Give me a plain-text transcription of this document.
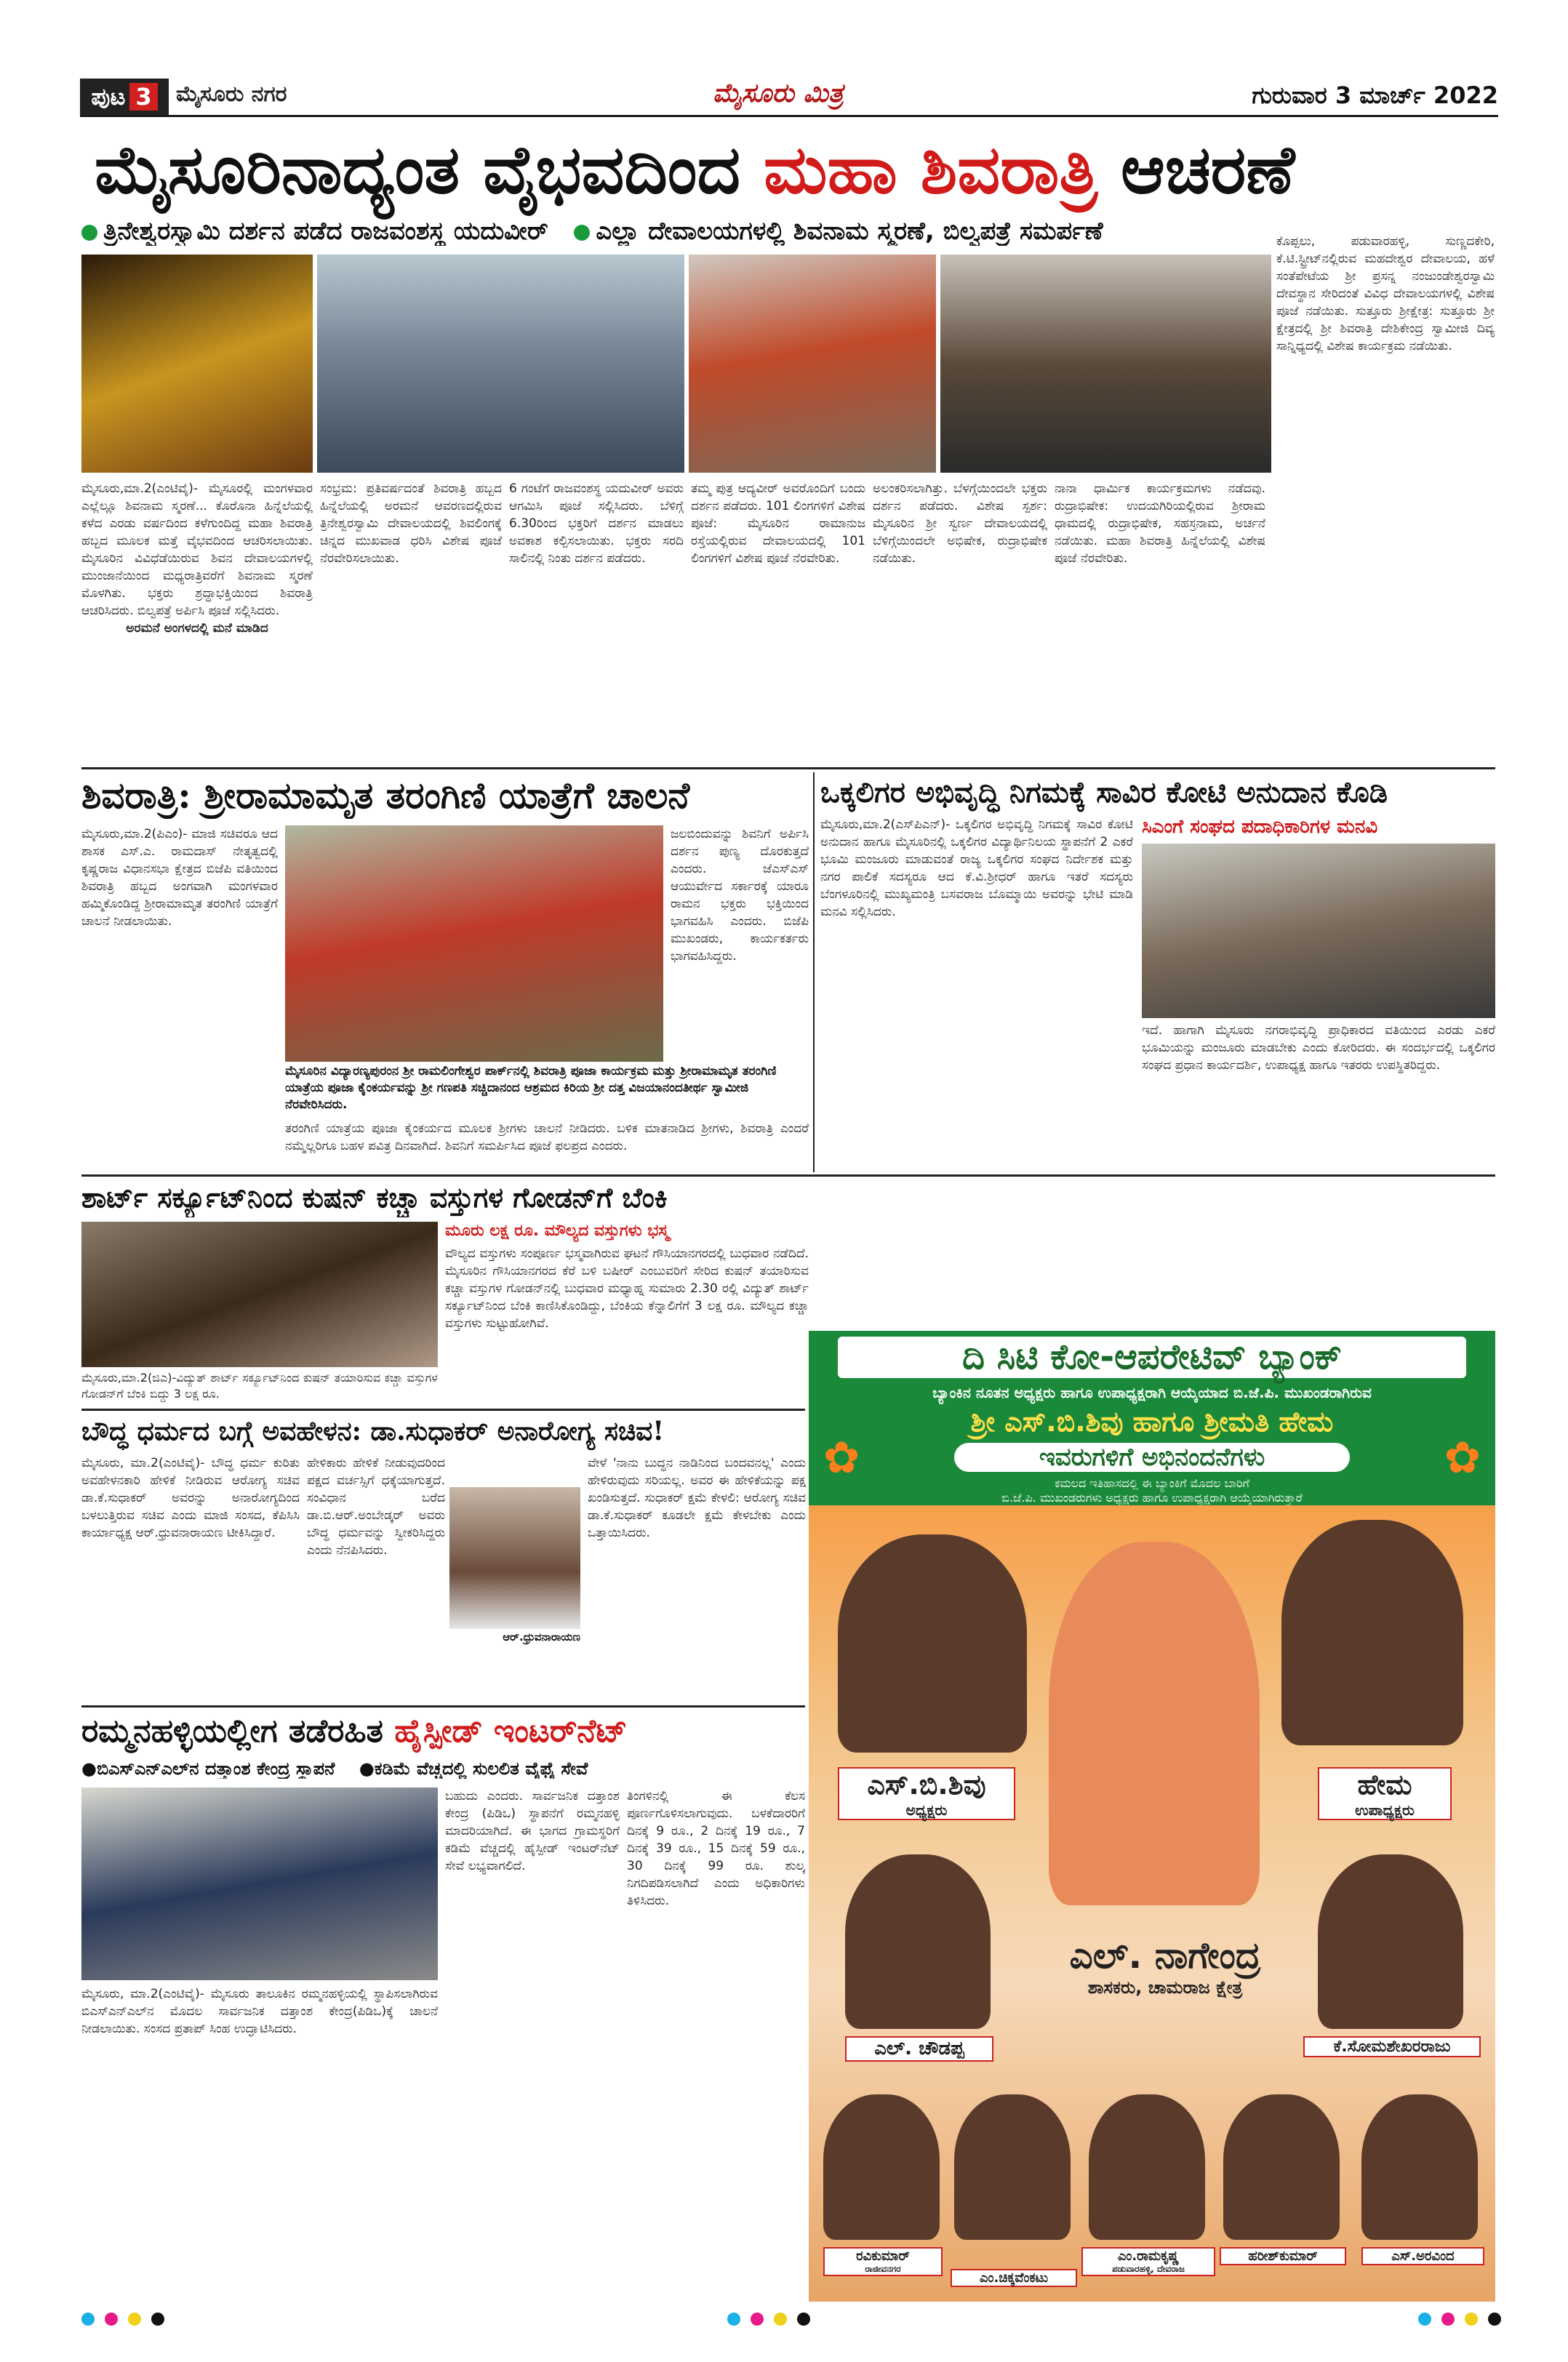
ಪುಟ 3	ಮೈಸೂರು ನಗರ	ಮೈಸೂರು ಮಿತ್ರ	ಗುರುವಾರ 3 ಮಾರ್ಚ್ 2022
ಮೈಸೂರಿನಾದ್ಯಂತ ವೈಭವದಿಂದ ಮಹಾ ಶಿವರಾತ್ರಿ ಆಚರಣೆ
ತ್ರಿನೇಶ್ವರಸ್ವಾಮಿ ದರ್ಶನ ಪಡೆದ ರಾಜವಂಶಸ್ಥ ಯದುವೀರ್ ಎಲ್ಲಾ ದೇವಾಲಯಗಳಲ್ಲಿ ಶಿವನಾಮ ಸ್ಮರಣೆ, ಬಿಲ್ವಪತ್ರೆ ಸಮರ್ಪಣೆ
ಮೈಸೂರು,ಮಾ.2(ಎಂಟಿವೈ)- ಮೈಸೂರಲ್ಲಿ ಮಂಗಳವಾರ ಎಲ್ಲೆಲ್ಲೂ ಶಿವನಾಮ ಸ್ಮರಣೆ... ಕೊರೊನಾ ಹಿನ್ನೆಲೆಯಲ್ಲಿ ಕಳೆದ ಎರಡು ವರ್ಷದಿಂದ ಕಳೆಗುಂದಿದ್ದ ಮಹಾ ಶಿವರಾತ್ರಿ ಹಬ್ಬದ ಮೂಲಕ ಮತ್ತೆ ವೈಭವದಿಂದ ಆಚರಿಸಲಾಯಿತು. ಮೈಸೂರಿನ ವಿವಿಧೆಡೆಯಿರುವ ಶಿವನ ದೇವಾಲಯಗಳಲ್ಲಿ ಮುಂಜಾನೆಯಿಂದ ಮಧ್ಯರಾತ್ರಿವರೆಗೆ ಶಿವನಾಮ ಸ್ಮರಣೆ ಮೊಳಗಿತು. ಭಕ್ತರು ಶ್ರದ್ಧಾಭಕ್ತಿಯಿಂದ ಶಿವರಾತ್ರಿ ಆಚರಿಸಿದರು. ಬಿಲ್ವಪತ್ರೆ ಅರ್ಪಿಸಿ ಪೂಜೆ ಸಲ್ಲಿಸಿದರು.
ಅರಮನೆ ಅಂಗಳದಲ್ಲಿ ಮನೆ ಮಾಡಿದ
ಸಂಭ್ರಮ: ಪ್ರತಿವರ್ಷದಂತೆ ಶಿವರಾತ್ರಿ ಹಬ್ಬದ ಹಿನ್ನೆಲೆಯಲ್ಲಿ ಅರಮನೆ ಆವರಣದಲ್ಲಿರುವ ತ್ರಿನೇಶ್ವರಸ್ವಾಮಿ ದೇವಾಲಯದಲ್ಲಿ ಶಿವಲಿಂಗಕ್ಕೆ ಚಿನ್ನದ ಮುಖವಾಡ ಧರಿಸಿ ವಿಶೇಷ ಪೂಜೆ ನೆರವೇರಿಸಲಾಯಿತು.
6 ಗಂಟೆಗೆ ರಾಜವಂಶಸ್ಥ ಯದುವೀರ್ ಅವರು ಆಗಮಿಸಿ ಪೂಜೆ ಸಲ್ಲಿಸಿದರು. ಬೆಳಿಗ್ಗೆ 6.30ರಿಂದ ಭಕ್ತರಿಗೆ ದರ್ಶನ ಮಾಡಲು ಅವಕಾಶ ಕಲ್ಪಿಸಲಾಯಿತು. ಭಕ್ತರು ಸರದಿ ಸಾಲಿನಲ್ಲಿ ನಿಂತು ದರ್ಶನ ಪಡೆದರು.
ತಮ್ಮ ಪುತ್ರ ಆದ್ಯವೀರ್ ಅವರೊಂದಿಗೆ ಬಂದು ದರ್ಶನ ಪಡೆದರು. 101 ಲಿಂಗಗಳಿಗೆ ವಿಶೇಷ ಪೂಜೆ: ಮೈಸೂರಿನ ರಾಮಾನುಜ ರಸ್ತೆಯಲ್ಲಿರುವ ದೇವಾಲಯದಲ್ಲಿ 101 ಲಿಂಗಗಳಿಗೆ ವಿಶೇಷ ಪೂಜೆ ನೆರವೇರಿತು.
ಅಲಂಕರಿಸಲಾಗಿತ್ತು. ಬೆಳಗ್ಗೆಯಿಂದಲೇ ಭಕ್ತರು ದರ್ಶನ ಪಡೆದರು. ವಿಶೇಷ ಸ್ಪರ್ಶ: ಮೈಸೂರಿನ ಶ್ರೀ ಸ್ವರ್ಣ ದೇವಾಲಯದಲ್ಲಿ ಬೆಳಿಗ್ಗೆಯಿಂದಲೇ ಅಭಿಷೇಕ, ರುದ್ರಾಭಿಷೇಕ ನಡೆಯಿತು.
ನಾನಾ ಧಾರ್ಮಿಕ ಕಾರ್ಯಕ್ರಮಗಳು ನಡೆದವು. ರುದ್ರಾಭಿಷೇಕ: ಉದಯಗಿರಿಯಲ್ಲಿರುವ ಶ್ರೀರಾಮ ಧಾಮದಲ್ಲಿ ರುದ್ರಾಭಿಷೇಕ, ಸಹಸ್ರನಾಮ, ಅರ್ಚನೆ ನಡೆಯಿತು. ಮಹಾ ಶಿವರಾತ್ರಿ ಹಿನ್ನೆಲೆಯಲ್ಲಿ ವಿಶೇಷ ಪೂಜೆ ನೆರವೇರಿತು.
ಕೊಪ್ಪಲು, ಪಡುವಾರಹಳ್ಳಿ, ಸುಣ್ಣದಕೇರಿ, ಕೆ.ಟಿ.ಸ್ಟ್ರೀಟ್‌ನಲ್ಲಿರುವ ಮಹದೇಶ್ವರ ದೇವಾಲಯ, ಹಳೆ ಸಂತೆಪೇಟೆಯ ಶ್ರೀ ಪ್ರಸನ್ನ ನಂಜುಂಡೇಶ್ವರಸ್ವಾಮಿ ದೇವಸ್ಥಾನ ಸೇರಿದಂತೆ ವಿವಿಧ ದೇವಾಲಯಗಳಲ್ಲಿ ವಿಶೇಷ ಪೂಜೆ ನಡೆಯಿತು. ಸುತ್ತೂರು ಶ್ರೀಕ್ಷೇತ್ರ: ಸುತ್ತೂರು ಶ್ರೀ ಕ್ಷೇತ್ರದಲ್ಲಿ ಶ್ರೀ ಶಿವರಾತ್ರಿ ದೇಶಿಕೇಂದ್ರ ಸ್ವಾಮೀಜಿ ದಿವ್ಯ ಸಾನ್ನಿಧ್ಯದಲ್ಲಿ ವಿಶೇಷ ಕಾರ್ಯಕ್ರಮ ನಡೆಯಿತು.
ಶಿವರಾತ್ರಿ: ಶ್ರೀರಾಮಾಮೃತ ತರಂಗಿಣಿ ಯಾತ್ರೆಗೆ ಚಾಲನೆ
ಮೈಸೂರು,ಮಾ.2(ಪಿಎಂ)- ಮಾಜಿ ಸಚಿವರೂ ಆದ ಶಾಸಕ ಎಸ್.ಎ. ರಾಮದಾಸ್ ನೇತೃತ್ವದಲ್ಲಿ ಕೃಷ್ಣರಾಜ ವಿಧಾನಸಭಾ ಕ್ಷೇತ್ರದ ಬಿಜೆಪಿ ವತಿಯಿಂದ ಶಿವರಾತ್ರಿ ಹಬ್ಬದ ಅಂಗವಾಗಿ ಮಂಗಳವಾರ ಹಮ್ಮಿಕೊಂಡಿದ್ದ ಶ್ರೀರಾಮಾಮೃತ ತರಂಗಿಣಿ ಯಾತ್ರೆಗೆ ಚಾಲನೆ ನೀಡಲಾಯಿತು.
ಜಲಬಿಂದುವನ್ನು ಶಿವನಿಗೆ ಅರ್ಪಿಸಿ ದರ್ಶನ ಪುಣ್ಯ ದೊರಕುತ್ತದೆ ಎಂದರು. ಜೆಎಸ್‌ಎಸ್ ಆಯುರ್ವೇದ ಸರ್ಕಾರಕ್ಕೆ ಯಾರೂ ರಾಮನ ಭಕ್ತರು ಭಕ್ತಿಯಿಂದ ಭಾಗವಹಿಸಿ ಎಂದರು. ಬಿಜೆಪಿ ಮುಖಂಡರು, ಕಾರ್ಯಕರ್ತರು ಭಾಗವಹಿಸಿದ್ದರು.
ಮೈಸೂರಿನ ವಿದ್ಯಾರಣ್ಯಪುರಂನ ಶ್ರೀ ರಾಮಲಿಂಗೇಶ್ವರ ಪಾರ್ಕ್‌ನಲ್ಲಿ ಶಿವರಾತ್ರಿ ಪೂಜಾ ಕಾರ್ಯಕ್ರಮ ಮತ್ತು ಶ್ರೀರಾಮಾಮೃತ ತರಂಗಿಣಿ ಯಾತ್ರೆಯ ಪೂಜಾ ಕೈಂಕರ್ಯವನ್ನು ಶ್ರೀ ಗಣಪತಿ ಸಚ್ಚಿದಾನಂದ ಆಶ್ರಮದ ಕಿರಿಯ ಶ್ರೀ ದತ್ತ ವಿಜಯಾನಂದತೀರ್ಥ ಸ್ವಾಮೀಜಿ ನೆರವೇರಿಸಿದರು.
ತರಂಗಿಣಿ ಯಾತ್ರೆಯ ಪೂಜಾ ಕೈಂಕರ್ಯದ ಮೂಲಕ ಶ್ರೀಗಳು ಚಾಲನೆ ನೀಡಿದರು. ಬಳಿಕ ಮಾತನಾಡಿದ ಶ್ರೀಗಳು, ಶಿವರಾತ್ರಿ ಎಂದರೆ ನಮ್ಮೆಲ್ಲರಿಗೂ ಬಹಳ ಪವಿತ್ರ ದಿನವಾಗಿದೆ. ಶಿವನಿಗೆ ಸಮರ್ಪಿಸಿದ ಪೂಜೆ ಫಲಪ್ರದ ಎಂದರು.
ಒಕ್ಕಲಿಗರ ಅಭಿವೃದ್ಧಿ ನಿಗಮಕ್ಕೆ ಸಾವಿರ ಕೋಟಿ ಅನುದಾನ ಕೊಡಿ
ಮೈಸೂರು,ಮಾ.2(ಎಸ್‌ಪಿಎನ್)- ಒಕ್ಕಲಿಗರ ಅಭಿವೃದ್ಧಿ ನಿಗಮಕ್ಕೆ ಸಾವಿರ ಕೋಟಿ ಅನುದಾನ ಹಾಗೂ ಮೈಸೂರಿನಲ್ಲಿ ಒಕ್ಕಲಿಗರ ವಿದ್ಯಾರ್ಥಿನಿಲಯ ಸ್ಥಾಪನೆಗೆ 2 ಎಕರೆ ಭೂಮಿ ಮಂಜೂರು ಮಾಡುವಂತೆ ರಾಜ್ಯ ಒಕ್ಕಲಿಗರ ಸಂಘದ ನಿರ್ದೇಶಕ ಮತ್ತು ನಗರ ಪಾಲಿಕೆ ಸದಸ್ಯರೂ ಆದ ಕೆ.ವಿ.ಶ್ರೀಧರ್ ಹಾಗೂ ಇತರೆ ಸದಸ್ಯರು ಬೆಂಗಳೂರಿನಲ್ಲಿ ಮುಖ್ಯಮಂತ್ರಿ ಬಸವರಾಜ ಬೊಮ್ಮಾಯಿ ಅವರನ್ನು ಭೇಟಿ ಮಾಡಿ ಮನವಿ ಸಲ್ಲಿಸಿದರು.
ಸಿಎಂಗೆ ಸಂಘದ ಪದಾಧಿಕಾರಿಗಳ ಮನವಿ
ಇದೆ. ಹಾಗಾಗಿ ಮೈಸೂರು ನಗರಾಭಿವೃದ್ಧಿ ಪ್ರಾಧಿಕಾರದ ವತಿಯಿಂದ ಎರಡು ಎಕರೆ ಭೂಮಿಯನ್ನು ಮಂಜೂರು ಮಾಡಬೇಕು ಎಂದು ಕೋರಿದರು. ಈ ಸಂದರ್ಭದಲ್ಲಿ ಒಕ್ಕಲಿಗರ ಸಂಘದ ಪ್ರಧಾನ ಕಾರ್ಯದರ್ಶಿ, ಉಪಾಧ್ಯಕ್ಷ ಹಾಗೂ ಇತರರು ಉಪಸ್ಥಿತರಿದ್ದರು.
ಶಾರ್ಟ್ ಸರ್ಕ್ಯೂಟ್‌ನಿಂದ ಕುಷನ್ ಕಚ್ಚಾ ವಸ್ತುಗಳ ಗೋಡನ್‌ಗೆ ಬೆಂಕಿ
ಮೂರು ಲಕ್ಷ ರೂ. ಮೌಲ್ಯದ ವಸ್ತುಗಳು ಭಸ್ಮ
ವೌಲ್ಯದ ವಸ್ತುಗಳು ಸಂಪೂರ್ಣ ಭಸ್ಮವಾಗಿರುವ ಘಟನೆ ಗೌಸಿಯಾನಗರದಲ್ಲಿ ಬುಧವಾರ ನಡೆದಿದೆ. ಮೈಸೂರಿನ ಗೌಸಿಯಾನಗರದ ಕೆರೆ ಬಳಿ ಬಷೀರ್ ಎಂಬುವರಿಗೆ ಸೇರಿದ ಕುಷನ್ ತಯಾರಿಸುವ ಕಚ್ಚಾ ವಸ್ತುಗಳ ಗೋಡನ್‌ನಲ್ಲಿ ಬುಧವಾರ ಮಧ್ಯಾಹ್ನ ಸುಮಾರು 2.30 ರಲ್ಲಿ ವಿದ್ಯುತ್ ಶಾರ್ಟ್ ಸರ್ಕ್ಯೂಟ್‌ನಿಂದ ಬೆಂಕಿ ಕಾಣಿಸಿಕೊಂಡಿದ್ದು, ಬೆಂಕಿಯ ಕೆನ್ನಾಲಿಗೆಗೆ 3 ಲಕ್ಷ ರೂ. ಮೌಲ್ಯದ ಕಚ್ಚಾ ವಸ್ತುಗಳು ಸುಟ್ಟುಹೋಗಿವೆ.
ಮೈಸೂರು,ಮಾ.2(ಜಿಎ)-ವಿದ್ಯುತ್ ಶಾರ್ಟ್ ಸರ್ಕ್ಯೂಟ್‌ನಿಂದ ಕುಷನ್ ತಯಾರಿಸುವ ಕಚ್ಚಾ ವಸ್ತುಗಳ ಗೋಡನ್‌ಗೆ ಬೆಂಕಿ ಬಿದ್ದು 3 ಲಕ್ಷ ರೂ.
ಬೌದ್ಧ ಧರ್ಮದ ಬಗ್ಗೆ ಅವಹೇಳನ: ಡಾ.ಸುಧಾಕರ್ ಅನಾರೋಗ್ಯ ಸಚಿವ!
ಮೈಸೂರು, ಮಾ.2(ಎಂಟಿವೈ)- ಬೌದ್ಧ ಧರ್ಮ ಕುರಿತು ಅವಹೇಳನಕಾರಿ ಹೇಳಿಕೆ ನೀಡಿರುವ ಆರೋಗ್ಯ ಸಚಿವ ಡಾ.ಕೆ.ಸುಧಾಕರ್ ಅವರನ್ನು ಅನಾರೋಗ್ಯದಿಂದ ಬಳಲುತ್ತಿರುವ ಸಚಿವ ಎಂದು ಮಾಜಿ ಸಂಸದ, ಕೆಪಿಸಿಸಿ ಕಾರ್ಯಾಧ್ಯಕ್ಷ ಆರ್.ಧ್ರುವನಾರಾಯಣ ಟೀಕಿಸಿದ್ದಾರೆ.
ಹೇಳಿಕಾರು ಹೇಳಿಕೆ ನೀಡುವುದರಿಂದ ಪಕ್ಷದ ವರ್ಚಸ್ಸಿಗೆ ಧಕ್ಕೆಯಾಗುತ್ತದೆ. ಸಂವಿಧಾನ ಬರೆದ ಡಾ.ಬಿ.ಆರ್.ಅಂಬೇಡ್ಕರ್ ಅವರು ಬೌದ್ಧ ಧರ್ಮವನ್ನು ಸ್ವೀಕರಿಸಿದ್ದರು ಎಂದು ನೆನಪಿಸಿದರು.
ಆರ್.ಧ್ರುವನಾರಾಯಣ
ವೇಳೆ 'ನಾನು ಬುದ್ಧನ ನಾಡಿನಿಂದ ಬಂದವನಲ್ಲ' ಎಂದು ಹೇಳಿರುವುದು ಸರಿಯಲ್ಲ. ಅವರ ಈ ಹೇಳಿಕೆಯನ್ನು ಪಕ್ಷ ಖಂಡಿಸುತ್ತದೆ. ಸುಧಾಕರ್ ಕ್ಷಮೆ ಕೇಳಲಿ: ಆರೋಗ್ಯ ಸಚಿವ ಡಾ.ಕೆ.ಸುಧಾಕರ್ ಕೂಡಲೇ ಕ್ಷಮೆ ಕೇಳಬೇಕು ಎಂದು ಒತ್ತಾಯಿಸಿದರು.
ರಮ್ಮನಹಳ್ಳಿಯಲ್ಲೀಗ ತಡೆರಹಿತ ಹೈಸ್ಪೀಡ್ ಇಂಟರ್‌ನೆಟ್
●ಬಿಎಸ್‌ಎನ್‌ಎಲ್‌ನ ದತ್ತಾಂಶ ಕೇಂದ್ರ ಸ್ಥಾಪನೆ ●ಕಡಿಮೆ ವೆಚ್ಚದಲ್ಲಿ ಸುಲಲಿತ ವೈಫೈ ಸೇವೆ
ಮೈಸೂರು, ಮಾ.2(ಎಂಟಿವೈ)- ಮೈಸೂರು ತಾಲೂಕಿನ ರಮ್ಮನಹಳ್ಳಿಯಲ್ಲಿ ಸ್ಥಾಪಿಸಲಾಗಿರುವ ಬಿಎಸ್‌ಎನ್‌ಎಲ್‌ನ ಮೊದಲ ಸಾರ್ವಜನಿಕ ದತ್ತಾಂಶ ಕೇಂದ್ರ(ಪಿಡಿಒ)ಕ್ಕೆ ಚಾಲನೆ ನೀಡಲಾಯಿತು. ಸಂಸದ ಪ್ರತಾಪ್ ಸಿಂಹ ಉದ್ಘಾಟಿಸಿದರು.
ಬಹುದು ಎಂದರು. ಸಾರ್ವಜನಿಕ ದತ್ತಾಂಶ ಕೇಂದ್ರ (ಪಿಡಿಒ) ಸ್ಥಾಪನೆಗೆ ರಮ್ಮನಹಳ್ಳಿ ಮಾದರಿಯಾಗಿದೆ. ಈ ಭಾಗದ ಗ್ರಾಮಸ್ಥರಿಗೆ ಕಡಿಮೆ ವೆಚ್ಚದಲ್ಲಿ ಹೈಸ್ಪೀಡ್ ಇಂಟರ್‌ನೆಟ್ ಸೇವೆ ಲಭ್ಯವಾಗಲಿದೆ.
ತಿಂಗಳಿನಲ್ಲಿ ಈ ಕೆಲಸ ಪೂರ್ಣಗೊಳಿಸಲಾಗುವುದು. ಬಳಕೆದಾರರಿಗೆ ದಿನಕ್ಕೆ 9 ರೂ., 2 ದಿನಕ್ಕೆ 19 ರೂ., 7 ದಿನಕ್ಕೆ 39 ರೂ., 15 ದಿನಕ್ಕೆ 59 ರೂ., 30 ದಿನಕ್ಕೆ 99 ರೂ. ಶುಲ್ಕ ನಿಗದಿಪಡಿಸಲಾಗಿದೆ ಎಂದು ಅಧಿಕಾರಿಗಳು ತಿಳಿಸಿದರು.
ದಿ ಸಿಟಿ ಕೋ-ಆಪರೇಟಿವ್ ಬ್ಯಾಂಕ್
ಬ್ಯಾಂಕಿನ ನೂತನ ಅಧ್ಯಕ್ಷರು ಹಾಗೂ ಉಪಾಧ್ಯಕ್ಷರಾಗಿ ಆಯ್ಕೆಯಾದ ಬಿ.ಜೆ.ಪಿ. ಮುಖಂಡರಾಗಿರುವ
ಶ್ರೀ ಎಸ್.ಬಿ.ಶಿವು ಹಾಗೂ ಶ್ರೀಮತಿ ಹೇಮ
ಇವರುಗಳಿಗೆ ಅಭಿನಂದನೆಗಳು
ಕಮಲದ ಇತಿಹಾಸದಲ್ಲಿ ಈ ಬ್ಯಾಂಕಿಗೆ ಮೊದಲ ಬಾರಿಗೆ
ಬಿ.ಜೆ.ಪಿ. ಮುಖಂಡರುಗಳು ಅಧ್ಯಕ್ಷರು ಹಾಗೂ ಉಪಾಧ್ಯಕ್ಷರಾಗಿ ಆಯ್ಕೆಯಾಗಿರುತ್ತಾರೆ
✿	✿
ಎಸ್.ಬಿ.ಶಿವು
ಅಧ್ಯಕ್ಷರು
ಹೇಮ
ಉಪಾಧ್ಯಕ್ಷರು
ಎಲ್. ಚೌಡಪ್ಪ
ಎಲ್. ನಾಗೇಂದ್ರ
ಶಾಸಕರು, ಚಾಮರಾಜ ಕ್ಷೇತ್ರ
ಕೆ.ಸೋಮಶೇಖರರಾಜು
ರವಿಕುಮಾರ್
ರಾಜೀವನಗರ
ಎಂ.ಚಿಕ್ಕವೆಂಕಟು
ಎಂ.ರಾಮಕೃಷ್ಣ
ಪಡುವಾರಹಳ್ಳಿ, ದೇವರಾಜ
ಹರೀಶ್‌ಕುಮಾರ್	ಎಸ್.ಅರವಿಂದ
